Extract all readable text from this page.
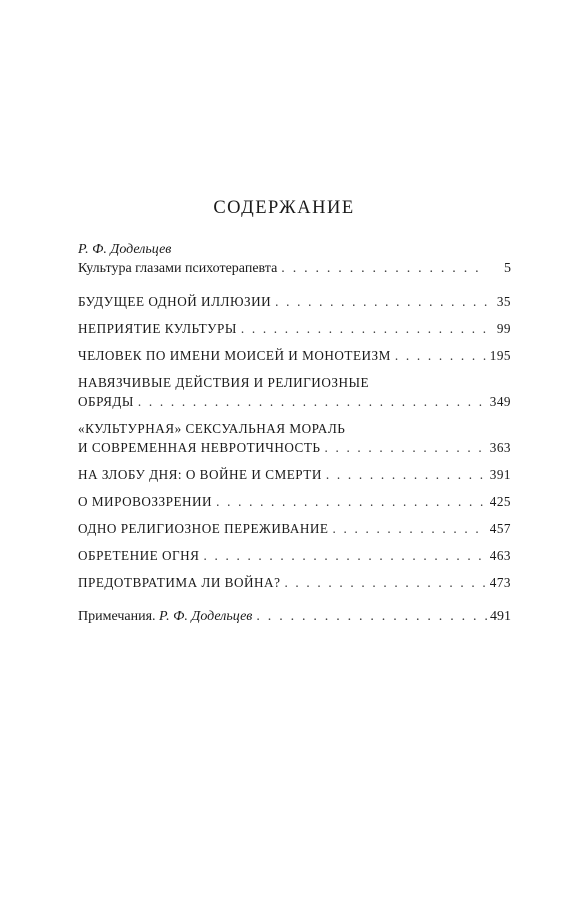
СОДЕРЖАНИЕ

Р. Ф. Додельцев

Культура глазами психотерапевта . . .	5
БУДУЩЕЕ ОДНОЙ ИЛЛЮЗИИ . . .	35
НЕПРИЯТИЕ КУЛЬТУРЫ . . .	99
ЧЕЛОВЕК ПО ИМЕНИ МОИСЕЙ И МОНОТЕИЗМ . . .	195
НАВЯЗЧИВЫЕ ДЕЙСТВИЯ И РЕЛИГИОЗНЫЕ
ОБРЯДЫ . . .	349
«КУЛЬТУРНАЯ» СЕКСУАЛЬНАЯ МОРАЛЬ
И СОВРЕМЕННАЯ НЕВРОТИЧНОСТЬ . . .	363
НА ЗЛОБУ ДНЯ: О ВОЙНЕ И СМЕРТИ . . .	391
О МИРОВОЗЗРЕНИИ . . .	425
ОДНО РЕЛИГИОЗНОЕ ПЕРЕЖИВАНИЕ . . .	457
ОБРЕТЕНИЕ ОГНЯ . . .	463
ПРЕДОТВРАТИМА ЛИ ВОЙНА? . . .	473
Примечания. Р. Ф. Додельцев . . .	491
